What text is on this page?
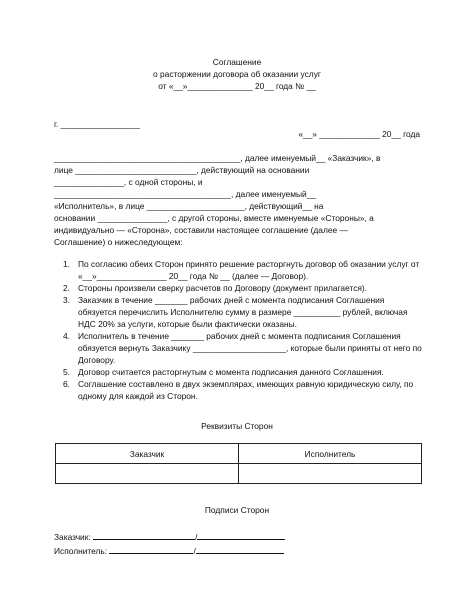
Соглашение
о расторжении договора об оказании услуг
от «__»______________ 20__ года № __
г. _________________
«__» _____________ 20__ года
________________________________________, далее именуемый__ «Заказчик», в
лице __________________________, действующий на основании
_______________, с одной стороны, и
______________________________________, далее именуемый__
«Исполнитель», в лице _____________________, действующий__ на
основании _______________, с другой стороны, вместе именуемые «Стороны», а
индивидуально — «Сторона», составили настоящее соглашение (далее —
Соглашение) о нижеследующем:
1. По согласию обеих Сторон принято решение расторгнуть договор об оказании услуг от «__»_______________ 20__ года № __ (далее — Договор).
2. Стороны произвели сверку расчетов по Договору (документ прилагается).
3. Заказчик в течение _______ рабочих дней с момента подписания Соглашения обязуется перечислить Исполнителю сумму в размере __________ рублей, включая НДС 20% за услуги, которые были фактически оказаны.
4. Исполнитель в течение _______ рабочих дней с момента подписания Соглашения обязуется вернуть Заказчику ____________________, которые были приняты от него по Договору.
5. Договор считается расторгнутым с момента подписания данного Соглашения.
6. Соглашение составлено в двух экземплярах, имеющих равную юридическую силу, по одному для каждой из Сторон.
Реквизиты Сторон
Заказчик	Исполнитель

Подписи Сторон
Заказчик:	/
Исполнитель:	/
